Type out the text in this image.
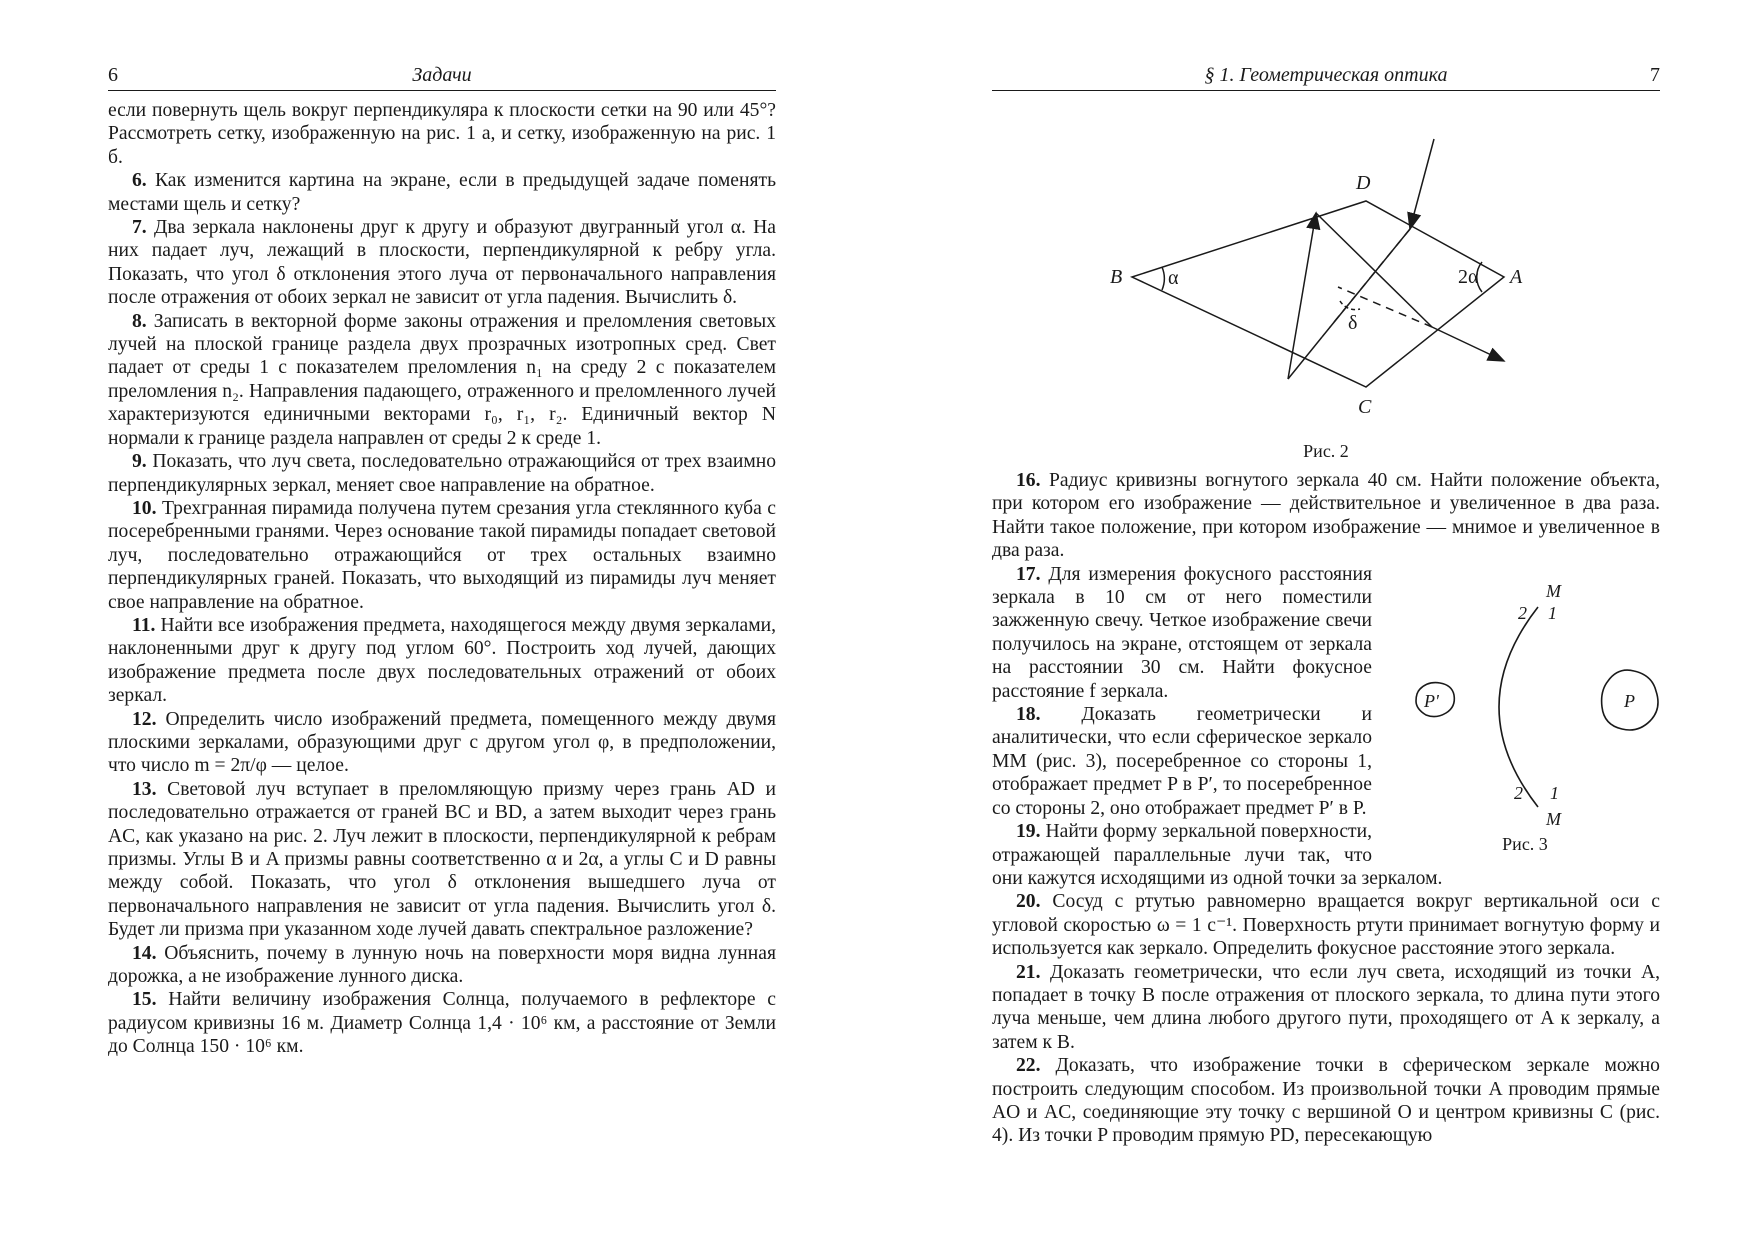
6	Задачи

если повернуть щель вокруг перпендикуляра к плоскости сетки на 90 или 45°? Рассмотреть сетку, изображенную на рис. 1 а, и сетку, изображенную на рис. 1 б.

6. Как изменится картина на экране, если в предыдущей задаче поменять местами щель и сетку?

7. Два зеркала наклонены друг к другу и образуют двугранный угол α. На них падает луч, лежащий в плоскости, перпендикулярной к ребру угла. Показать, что угол δ отклонения этого луча от первоначального направления после отражения от обоих зеркал не зависит от угла падения. Вычислить δ.

8. Записать в векторной форме законы отражения и преломления световых лучей на плоской границе раздела двух прозрачных изотропных сред. Свет падает от среды 1 с показателем преломления n₁ на среду 2 с показателем преломления n₂. Направления падающего, отраженного и преломленного лучей характеризуются единичными векторами r₀, r₁, r₂. Единичный вектор N нормали к границе раздела направлен от среды 2 к среде 1.

9. Показать, что луч света, последовательно отражающийся от трех взаимно перпендикулярных зеркал, меняет свое направление на обратное.

10. Трехгранная пирамида получена путем срезания угла стеклянного куба с посеребренными гранями. Через основание такой пирамиды попадает световой луч, последовательно отражающийся от трех остальных взаимно перпендикулярных граней. Показать, что выходящий из пирамиды луч меняет свое направление на обратное.

11. Найти все изображения предмета, находящегося между двумя зеркалами, наклоненными друг к другу под углом 60°. Построить ход лучей, дающих изображение предмета после двух последовательных отражений от обоих зеркал.

12. Определить число изображений предмета, помещенного между двумя плоскими зеркалами, образующими друг с другом угол φ, в предположении, что число m = 2π/φ — целое.

13. Световой луч вступает в преломляющую призму через грань AD и последовательно отражается от граней BC и BD, а затем выходит через грань AC, как указано на рис. 2. Луч лежит в плоскости, перпендикулярной к ребрам призмы. Углы B и A призмы равны соответственно α и 2α, а углы C и D равны между собой. Показать, что угол δ отклонения вышедшего луча от первоначального направления не зависит от угла падения. Вычислить угол δ. Будет ли призма при указанном ходе лучей давать спектральное разложение?

14. Объяснить, почему в лунную ночь на поверхности моря видна лунная дорожка, а не изображение лунного диска.

15. Найти величину изображения Солнца, получаемого в рефлекторе с радиусом кривизны 16 м. Диаметр Солнца 1,4 · 10⁶ км, а расстояние от Земли до Солнца 150 · 10⁶ км.

§ 1. Геометрическая оптика	7
B
D
A
C
α	2α
δ
Рис. 2

16. Радиус кривизны вогнутого зеркала 40 см. Найти положение объекта, при котором его изображение — действительное и увеличенное в два раза. Найти такое положение, при котором изображение — мнимое и увеличенное в два раза.

M
2 1
2 1
M
P
P'
Рис. 3

17. Для измерения фокусного расстояния зеркала в 10 см от него поместили зажженную свечу. Четкое изображение свечи получилось на экране, отстоящем от зеркала на расстоянии 30 см. Найти фокусное расстояние f зеркала.

18. Доказать геометрически и аналитически, что если сферическое зеркало MM (рис. 3), посеребренное со стороны 1, отображает предмет P в P′, то посеребренное со стороны 2, оно отображает предмет P′ в P.

19. Найти форму зеркальной поверхности, отражающей параллельные лучи так, что они кажутся исходящими из одной точки за зеркалом.

20. Сосуд с ртутью равномерно вращается вокруг вертикальной оси с угловой скоростью ω = 1 с⁻¹. Поверхность ртути принимает вогнутую форму и используется как зеркало. Определить фокусное расстояние этого зеркала.

21. Доказать геометрически, что если луч света, исходящий из точки A, попадает в точку B после отражения от плоского зеркала, то длина пути этого луча меньше, чем длина любого другого пути, проходящего от A к зеркалу, а затем к B.

22. Доказать, что изображение точки в сферическом зеркале можно построить следующим способом. Из произвольной точки A проводим прямые AO и AC, соединяющие эту точку с вершиной O и центром кривизны C (рис. 4). Из точки P проводим прямую PD, пересекающую
